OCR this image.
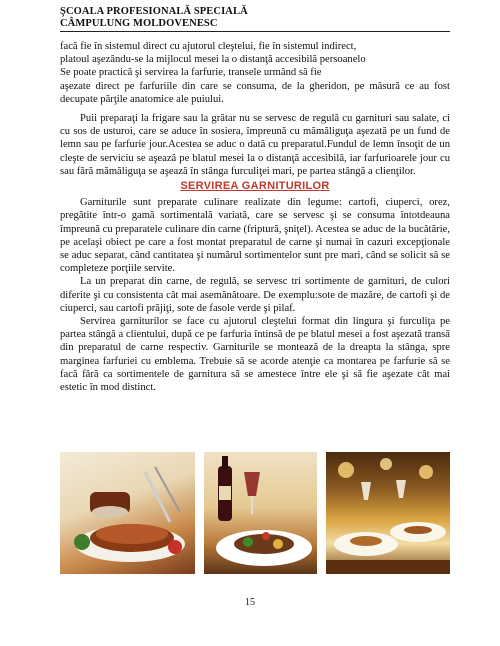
ŞCOALA PROFESIONALĂ SPECIALĂ
CÂMPULUNG MOLDOVENESC

facă fie în sistemul direct cu ajutorul cleştelui, fie în sistemul indirect,

platoul aşezându-se la mijlocul mesei la o distanţă accesibilă persoanelo

Se poate practică şi servirea la farfurie, transele urmând să fie

aşezate direct pe farfuriile din care se consuma, de la gheridon, pe măsură ce au fost decupate părţile anatomice ale puiului.

Puii preparaţi la frigare sau la grătar nu se servesc de regulă cu garnituri sau salate, ci cu sos de usturoi, care se aduce în sosiera, împreună cu mămăliguţa aşezată pe un fund de lemn sau pe farfurie jour.Acestea se aduc o dată cu preparatul.Fundul de lemn însoţit de un cleşte de serviciu se aşează pe blatul mesei la o distanţă accesibilă, iar farfurioarele jour cu sau fără mămăliguţa se aşează în stânga furculiţei mari, pe partea stângă a clienţilor.

SERVIREA GARNITURILOR

Garniturile sunt preparate culinare realizate din legume: cartofi, ciuperci, orez, pregătite într-o gamă sortimentală variată, care se servesc şi se consuma întotdeauna împreună cu preparatele culinare din carne (friptură, şniţel). Acestea se aduc de la bucătărie, pe acelaşi obiect pe care a fost montat preparatul de carne şi numai în cazuri excepţionale se aduc separat, când cantitatea şi numărul sortimentelor sunt pre mari, când se solicit să se completeze porţiile servite.

La un preparat din carne, de regulă, se servesc tri sortimente de garnituri, de culori diferite şi cu consistenta cât mai asemănătoare. De exemplu:sote de mazăre, de cartofi şi de ciuperci, sau cartofi prăjiţi, sote de fasole verde şi pilaf.

Servirea garniturilor se face cu ajutorul cleştelui format din lingura şi furculiţa pe partea stângă a clientului, după ce pe farfuria întinsă de pe blatul mesei a fost aşezată transă din preparatul de carne respectiv. Garniturile se montează de la dreapta la stânga, spre marginea farfuriei cu emblema. Trebuie să se acorde atenţie ca montarea pe farfurie să se facă fără ca sortimentele de garnitura să se amestece între ele şi să fie aşezate cât mai estetic în mod distinct.

15
